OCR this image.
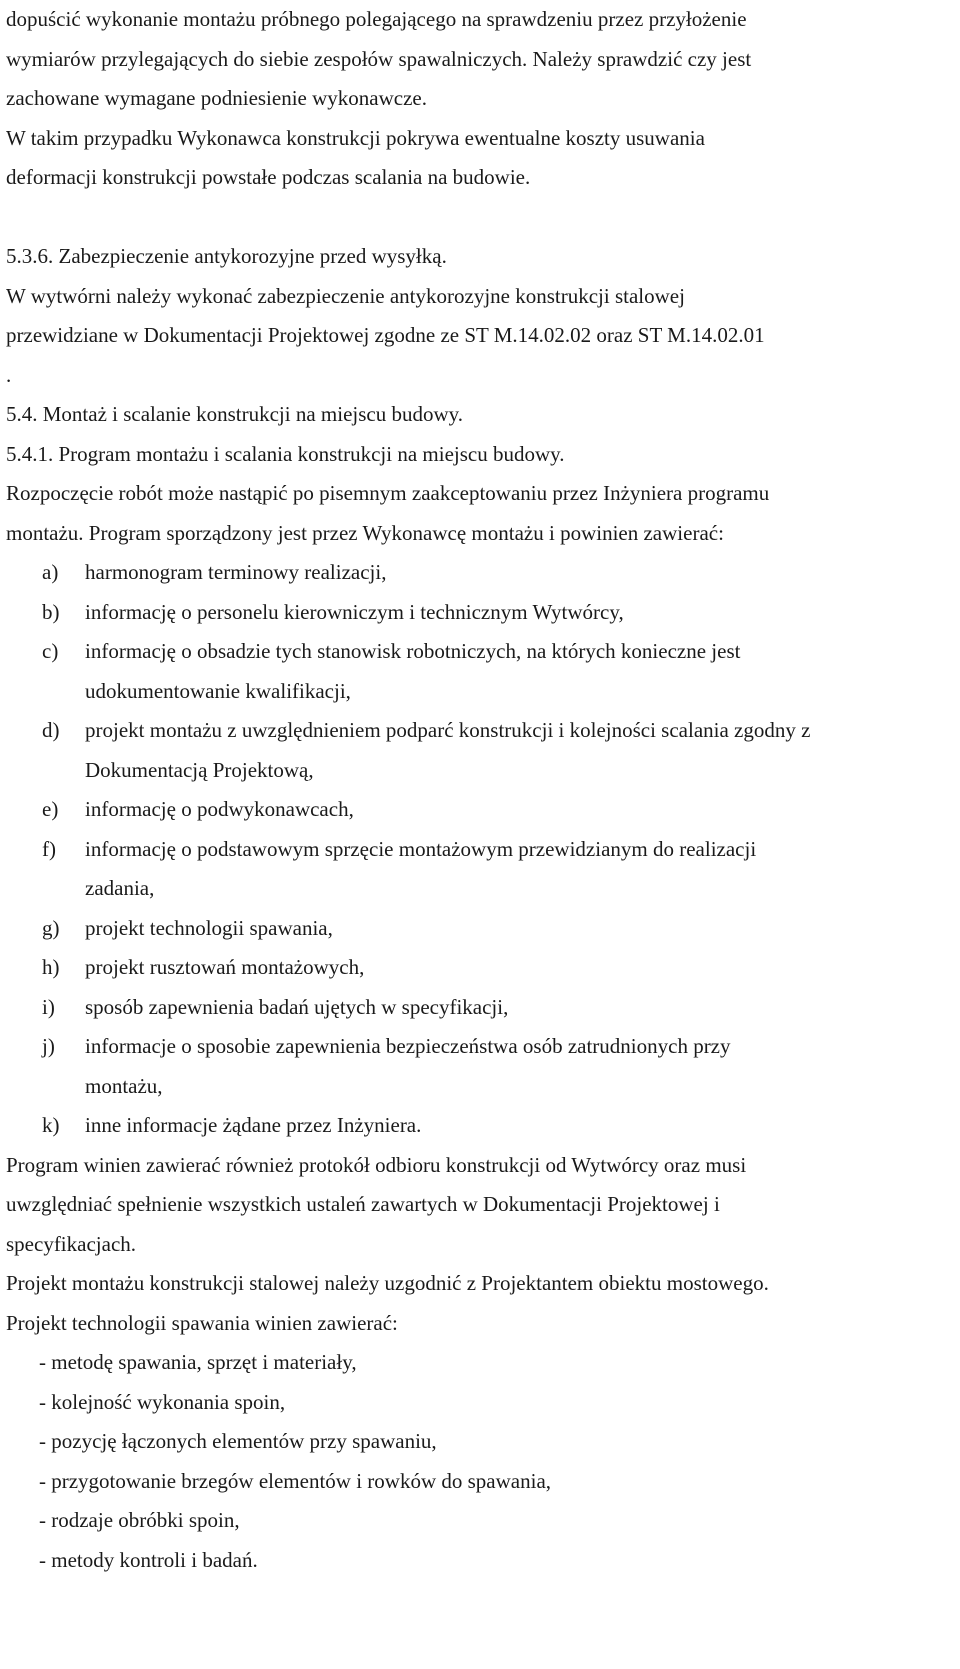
dopuścić wykonanie montażu próbnego polegającego na sprawdzeniu przez przyłożenie
wymiarów przylegających do siebie zespołów spawalniczych. Należy sprawdzić czy jest
zachowane wymagane podniesienie wykonawcze.
W takim przypadku Wykonawca konstrukcji pokrywa ewentualne koszty usuwania
deformacji konstrukcji powstałe podczas scalania na budowie.
5.3.6. Zabezpieczenie antykorozyjne przed wysyłką.
W wytwórni należy wykonać zabezpieczenie antykorozyjne konstrukcji stalowej
przewidziane w Dokumentacji Projektowej zgodne ze ST M.14.02.02 oraz ST M.14.02.01
.
5.4. Montaż i scalanie konstrukcji na miejscu budowy.
5.4.1. Program montażu i scalania konstrukcji na miejscu budowy.
Rozpoczęcie robót może nastąpić po pisemnym zaakceptowaniu przez Inżyniera programu
montażu. Program sporządzony jest przez Wykonawcę montażu i powinien zawierać:
a) harmonogram terminowy realizacji,
b) informację o personelu kierowniczym i technicznym Wytwórcy,
c) informację o obsadzie tych stanowisk robotniczych, na których konieczne jest
udokumentowanie kwalifikacji,
d) projekt montażu z uwzględnieniem podparć konstrukcji i kolejności scalania zgodny z
Dokumentacją Projektową,
e) informację o podwykonawcach,
f) informację o podstawowym sprzęcie montażowym przewidzianym do realizacji
zadania,
g) projekt technologii spawania,
h) projekt rusztowań montażowych,
i) sposób zapewnienia badań ujętych w specyfikacji,
j) informacje o sposobie zapewnienia bezpieczeństwa osób zatrudnionych przy
montażu,
k) inne informacje żądane przez Inżyniera.
Program winien zawierać również protokół odbioru konstrukcji od Wytwórcy oraz musi
uwzględniać spełnienie wszystkich ustaleń zawartych w Dokumentacji Projektowej i
specyfikacjach.
Projekt montażu konstrukcji stalowej należy uzgodnić z Projektantem obiektu mostowego.
Projekt technologii spawania winien zawierać:
- metodę spawania, sprzęt i materiały,
- kolejność wykonania spoin,
- pozycję łączonych elementów przy spawaniu,
- przygotowanie brzegów elementów i rowków do spawania,
- rodzaje obróbki spoin,
- metody kontroli i badań.
